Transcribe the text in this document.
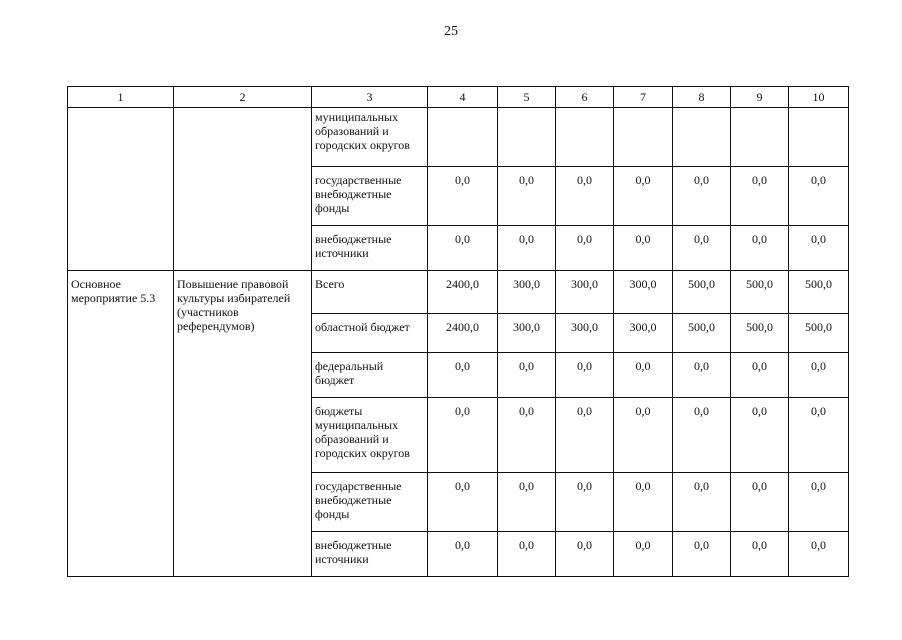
25
1	2	3	4	5	6	7	8	9	10
		муниципальных образований и городских округов							
		государственные внебюджетные фонды	0,0	0,0	0,0	0,0	0,0	0,0	0,0
		внебюджетные источники	0,0	0,0	0,0	0,0	0,0	0,0	0,0
Основное мероприятие 5.3	Повышение правовой культуры избирателей (участников референдумов)	Всего	2400,0	300,0	300,0	300,0	500,0	500,0	500,0
		областной бюджет	2400,0	300,0	300,0	300,0	500,0	500,0	500,0
		федеральный бюджет	0,0	0,0	0,0	0,0	0,0	0,0	0,0
		бюджеты муниципальных образований и городских округов	0,0	0,0	0,0	0,0	0,0	0,0	0,0
		государственные внебюджетные фонды	0,0	0,0	0,0	0,0	0,0	0,0	0,0
		внебюджетные источники	0,0	0,0	0,0	0,0	0,0	0,0	0,0
